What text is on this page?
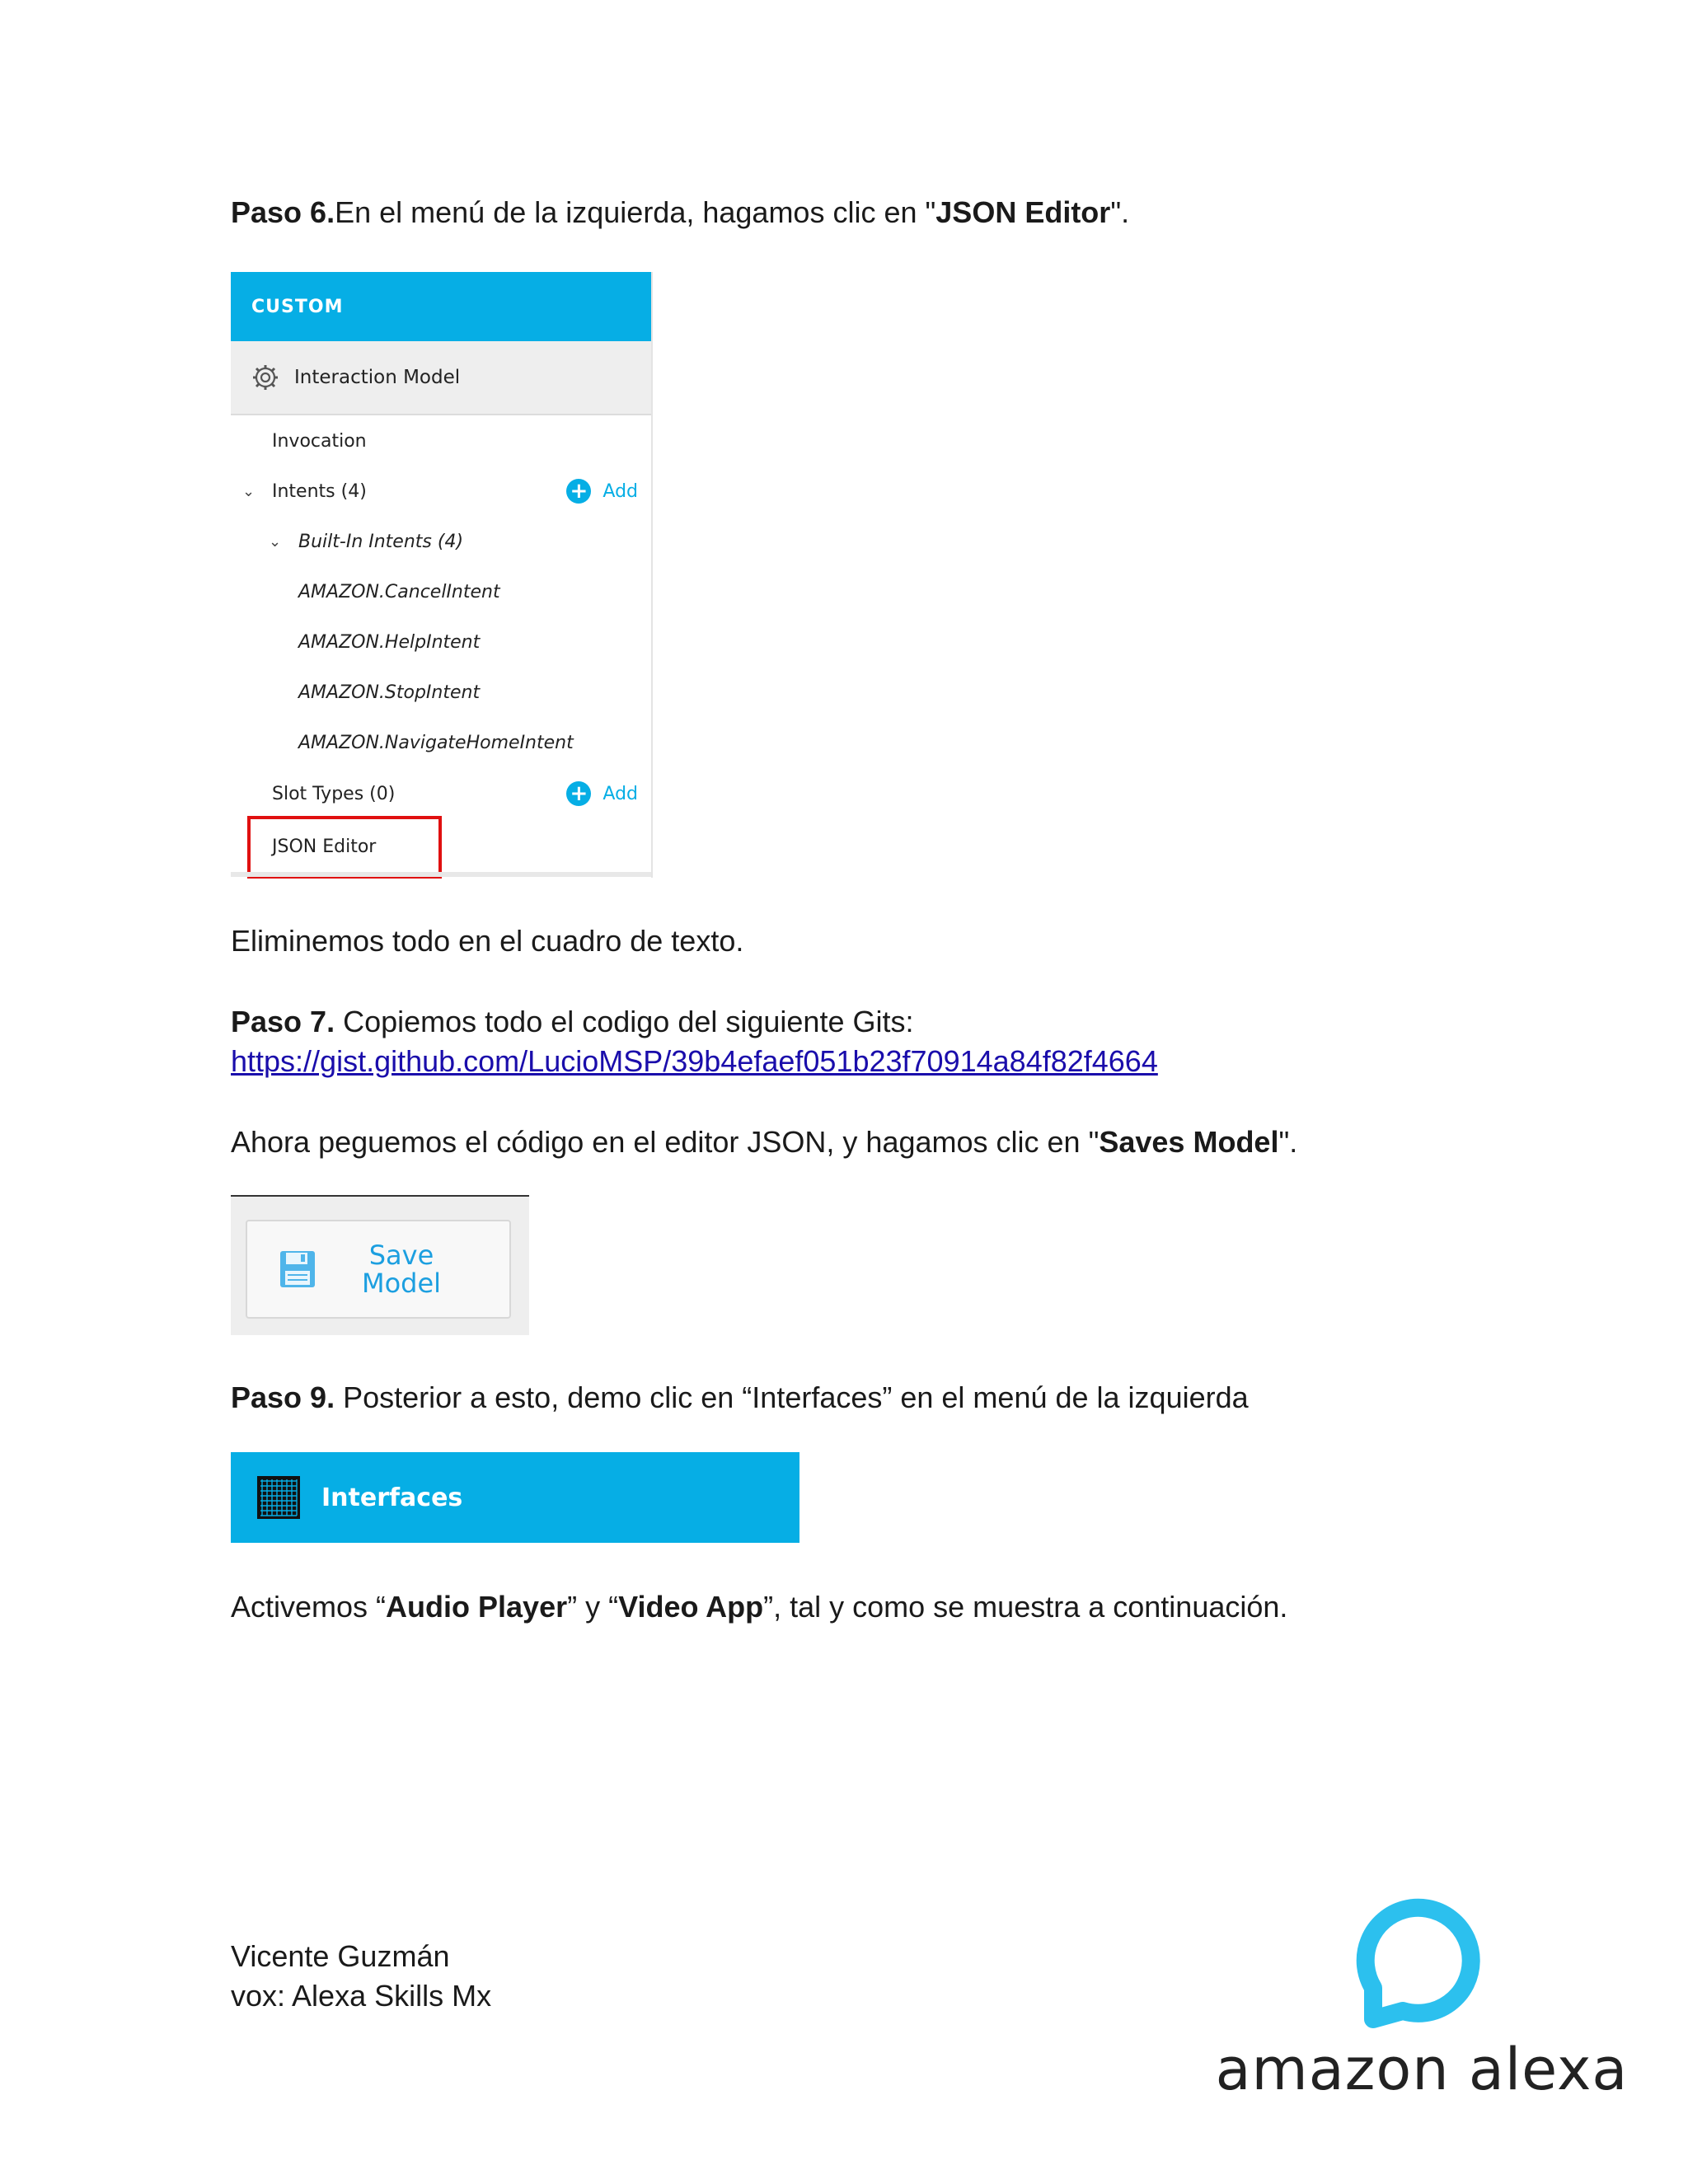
Paso 6.En el menú de la izquierda, hagamos clic en "JSON Editor".

CUSTOM
Interaction Model
Invocation
⌄ Intents (4)	+ Add
⌄ Built-In Intents (4)
AMAZON.CancelIntent
AMAZON.HelpIntent
AMAZON.StopIntent
AMAZON.NavigateHomeIntent
Slot Types (0)	+ Add
JSON Editor

Eliminemos todo en el cuadro de texto.

Paso 7. Copiemos todo el codigo del siguiente Gits:

https://gist.github.com/LucioMSP/39b4efaef051b23f70914a84f82f4664

Ahora peguemos el código en el editor JSON, y hagamos clic en "Saves Model".

Save
Model

Paso 9. Posterior a esto, demo clic en “Interfaces” en el menú de la izquierda

Interfaces

Activemos “Audio Player” y “Video App”, tal y como se muestra a continuación.

Vicente Guzmán

vox: Alexa Skills Mx

amazon alexa
